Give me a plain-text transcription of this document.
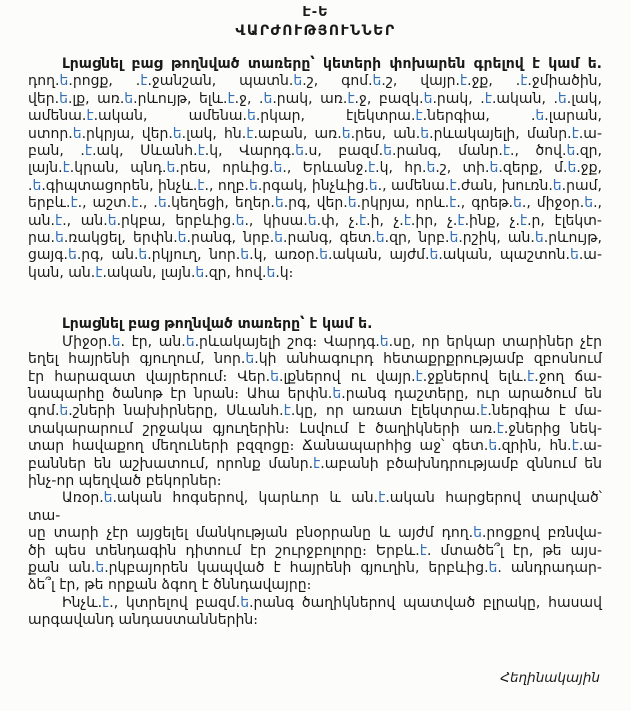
Է-Ե
ՎԱՐԺՈՒԹՅՈՒՆՆԵՐ
Լրացնել բաց թողնված տառերը՝ կետերի փոխարեն գրելով է կամ ե.
դող.ե.րոցք, .է.ջանշան, պատն.ե.շ, գոմ.ե.շ, վայր.է.ջք, .է.ջմիածին,
վեր.ե.լք, առ.ե.րևույթ, ելև.է.ջ, .ե.րակ, առ.է.ջ, բազկ.ե.րակ, .է.ական, .ե.լակ,
ամենա.է.ական, ամենա.ե.րկար, էլեկտրա.է.ներգիա, .ե.լարան,
ստոր.ե.րկրյա, վեր.ե.լակ, հն.է.աբան, առ.ե.րես, ան.ե.րևակայելի, մանր.է.ա-
բան, .է.ակ, Սևանհ.է.կ, Վարդգ.ե.ս, բազմ.ե.րանգ, մանր.է., ծով.ե.զր,
լայն.է.կրան, պնդ.ե.րես, որևից.ե., Երևանջ.է.կ, հր.ե.շ, տի.ե.զերք, մ.ե.ջք,
.ե.գիպտացորեն, ինչև.է., ողբ.ե.րգակ, ինչևից.ե., ամենա.է.ժան, խուռն.ե.րամ,
երբև.է., աշտ.է., .ե.կեղեցի, եղեր.ե.րգ, վեր.ե.րկրյա, որև.է., գրեթ.ե., միջօր.ե.,
ան.է., ան.ե.րկբա, երբևից.ե., կիսա.ե.փ, չ.է.ի, չ.է.իր, չ.է.ինք, չ.է.ր, էլեկտ-
րա.ե.ռակցել, երփն.ե.րանգ, նրբ.ե.րանգ, գետ.ե.զր, նրբ.ե.րշիկ, ան.ե.րևույթ,
ցայգ.ե.րգ, ան.ե.րկյուղ, նոր.ե.կ, առօր.ե.ական, այժմ.ե.ական, պաշտոն.ե.ա-
կան, ան.է.ական, լայն.ե.զր, հով.ե.կ։
Լրացնել բաց թողնված տառերը՝ է կամ ե.
Միջօր.ե. էր, ան.ե.րևակայելի շոգ։ Վարդգ.ե.սը, որ երկար տարիներ չէր
եղել հայրենի գյուղում, նոր.ե.կի անհագուրդ հետաքրքրությամբ զբոսնում
էր հարազատ վայրերում։ Վեր.ե.լքներով ու վայր.է.ջքներով ելև.է.ջող ճա-
նապարհը ծանոթ էր նրան։ Ահա երփն.ե.րանգ դաշտերը, ուր արածում են
գոմ.ե.շների նախիրները, Սևանհ.է.կը, որ առատ էլեկտրա.է.ներգիա է մա-
տակարարում շրջակա գյուղերին։ Լսվում է ծաղիկների առ.է.ջներից նեկ-
տար հավաքող մեղուների բզզոցը։ Ճանապարհից աջ՝ գետ.ե.զրին, հն.է.ա-
բաններ են աշխատում, որոնք մանր.է.աբանի բծախնդրությամբ զննում են
ինչ-որ պեղված բեկորներ։
Առօր.ե.ական հոգսերով, կարևոր և ան.է.ական հարցերով տարված՝ տա-
սը տարի չէր այցելել մանկության բնօրրանը և այժմ դող.ե.րոցքով բռնվա-
ծի պես տենդագին դիտում էր շուրջբոլորը։ Երբև.է. մտածե՞լ էր, թե այս-
քան ան.ե.րկբայորեն կապված է հայրենի գյուղին, երբևից.ե. անդրադար-
ձե՞լ էր, թե որքան ձգող է ծննդավայրը։
Ինչև.է., կտրելով բազմ.ե.րանգ ծաղիկներով պատված բլրակը, հասավ
արգավանդ անդաստաններին։
Հեղինակային
